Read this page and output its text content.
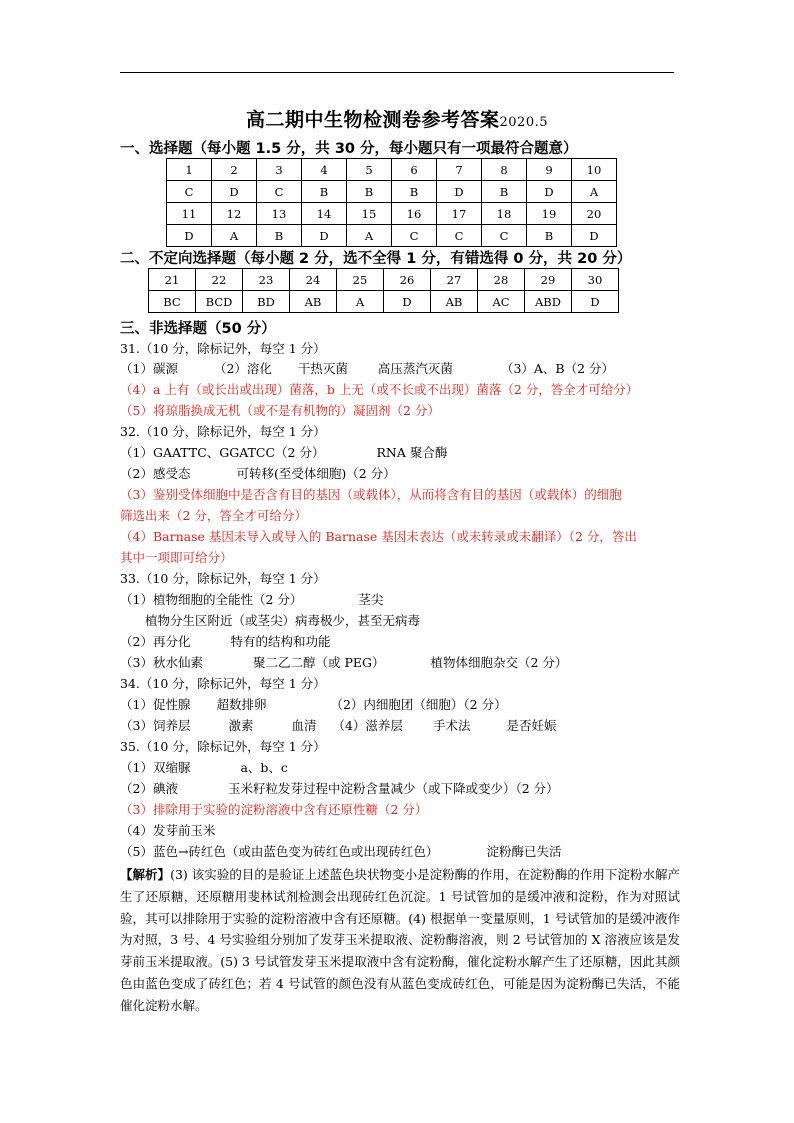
高二期中生物检测卷参考答案2020.5
一、选择题（每小题 1.5 分，共 30 分，每小题只有一项最符合题意）
1	2	3	4	5	6	7	8	9	10
C	D	C	B	B	B	D	B	D	A
11	12	13	14	15	16	17	18	19	20
D	A	B	D	A	C	C	C	B	D
二、不定向选择题（每小题 2 分，选不全得 1 分，有错选得 0 分，共 20 分）
21	22	23	24	25	26	27	28	29	30
BC	BCD	BD	AB	A	D	AB	AC	ABD	D
三、非选择题（50 分）
31.（10 分，除标记外，每空 1 分）
（1）碳源	（2）溶化 干热灭菌 高压蒸汽灭菌	（3）A、B（2 分）
（4）a 上有（或长出或出现）菌落，b 上无（或不长或不出现）菌落（2 分，答全才可给分）
（5）将琼脂换成无机（或不是有机物的）凝固剂（2 分）
32.（10 分，除标记外，每空 1 分）
（1）GAATTC、GGATCC（2 分）	RNA 聚合酶
（2）感受态	可转移(至受体细胞)（2 分）
（3）鉴别受体细胞中是否含有目的基因（或载体），从而将含有目的基因（或载体）的细胞
筛选出来（2 分，答全才可给分）
（4）Barnase 基因未导入或导入的 Barnase 基因未表达（或未转录或未翻译）（2 分，答出
其中一项即可给分）
33.（10 分，除标记外，每空 1 分）
（1）植物细胞的全能性（2 分）	茎尖
植物分生区附近（或茎尖）病毒极少，甚至无病毒
（2）再分化	特有的结构和功能
（3）秋水仙素	聚二乙二醇（或 PEG）	植物体细胞杂交（2 分）
34.（10 分，除标记外，每空 1 分）
（1）促性腺 超数排卵	（2）内细胞团（细胞）（2 分）
（3）饲养层	激素	血清 （4）滋养层 手术法	是否妊娠
35.（10 分，除标记外，每空 1 分）
（1）双缩脲	a、b、c
（2）碘液	玉米籽粒发芽过程中淀粉含量减少（或下降或变少）（2 分）
（3）排除用于实验的淀粉溶液中含有还原性糖（2 分）
（4）发芽前玉米
（5）蓝色→砖红色（或由蓝色变为砖红色或出现砖红色）	淀粉酶已失活
【解析】(3) 该实验的目的是验证上述蓝色块状物变小是淀粉酶的作用，在淀粉酶的作用下淀粉水解产生了还原糖，还原糖用斐林试剂检测会出现砖红色沉淀。1 号试管加的是缓冲液和淀粉，作为对照试验，其可以排除用于实验的淀粉溶液中含有还原糖。(4) 根据单一变量原则，1 号试管加的是缓冲液作为对照，3 号、4 号实验组分别加了发芽玉米提取液、淀粉酶溶液，则 2 号试管加的 X 溶液应该是发芽前玉米提取液。(5) 3 号试管发芽玉米提取液中含有淀粉酶，催化淀粉水解产生了还原糖，因此其颜色由蓝色变成了砖红色；若 4 号试管的颜色没有从蓝色变成砖红色，可能是因为淀粉酶已失活，不能催化淀粉水解。
